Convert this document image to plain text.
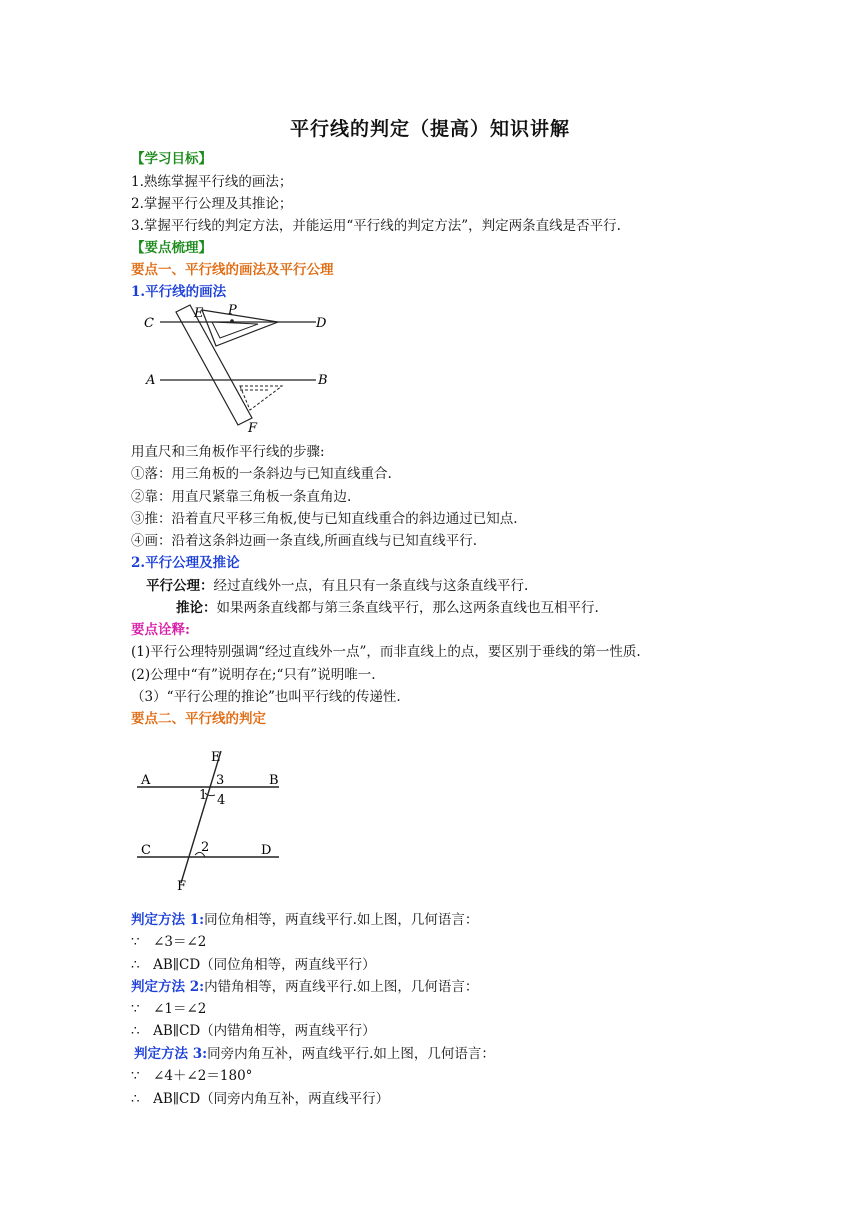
平行线的判定（提高）知识讲解
【学习目标】
1.熟练掌握平行线的画法；
2.掌握平行公理及其推论；
3.掌握平行线的判定方法，并能运用“平行线的判定方法”，判定两条直线是否平行.
【要点梳理】
要点一、平行线的画法及平行公理
1.平行线的画法
C
E P
D
A	B
F
用直尺和三角板作平行线的步骤:
①落：用三角板的一条斜边与已知直线重合.
②靠：用直尺紧靠三角板一条直角边.
③推：沿着直尺平移三角板,使与已知直线重合的斜边通过已知点.
④画：沿着这条斜边画一条直线,所画直线与已知直线平行.
2.平行公理及推论
平行公理：经过直线外一点，有且只有一条直线与这条直线平行.
推论：如果两条直线都与第三条直线平行，那么这两条直线也互相平行.
要点诠释:
(1)平行公理特别强调“经过直线外一点”，而非直线上的点，要区别于垂线的第一性质.
(2)公理中“有”说明存在;“只有”说明唯一.
（3）“平行公理的推论”也叫平行线的传递性.
要点二、平行线的判定
E
A	3	B
1 4
C	2	D
F
判定方法 1:同位角相等，两直线平行.如上图，几何语言：
∵　∠3＝∠2
∴　AB∥CD（同位角相等，两直线平行）
判定方法 2:内错角相等，两直线平行.如上图，几何语言：
∵　∠1＝∠2
∴　AB∥CD（内错角相等，两直线平行）
判定方法 3:同旁内角互补，两直线平行.如上图，几何语言：
∵　∠4＋∠2＝180°
∴　AB∥CD（同旁内角互补，两直线平行）
